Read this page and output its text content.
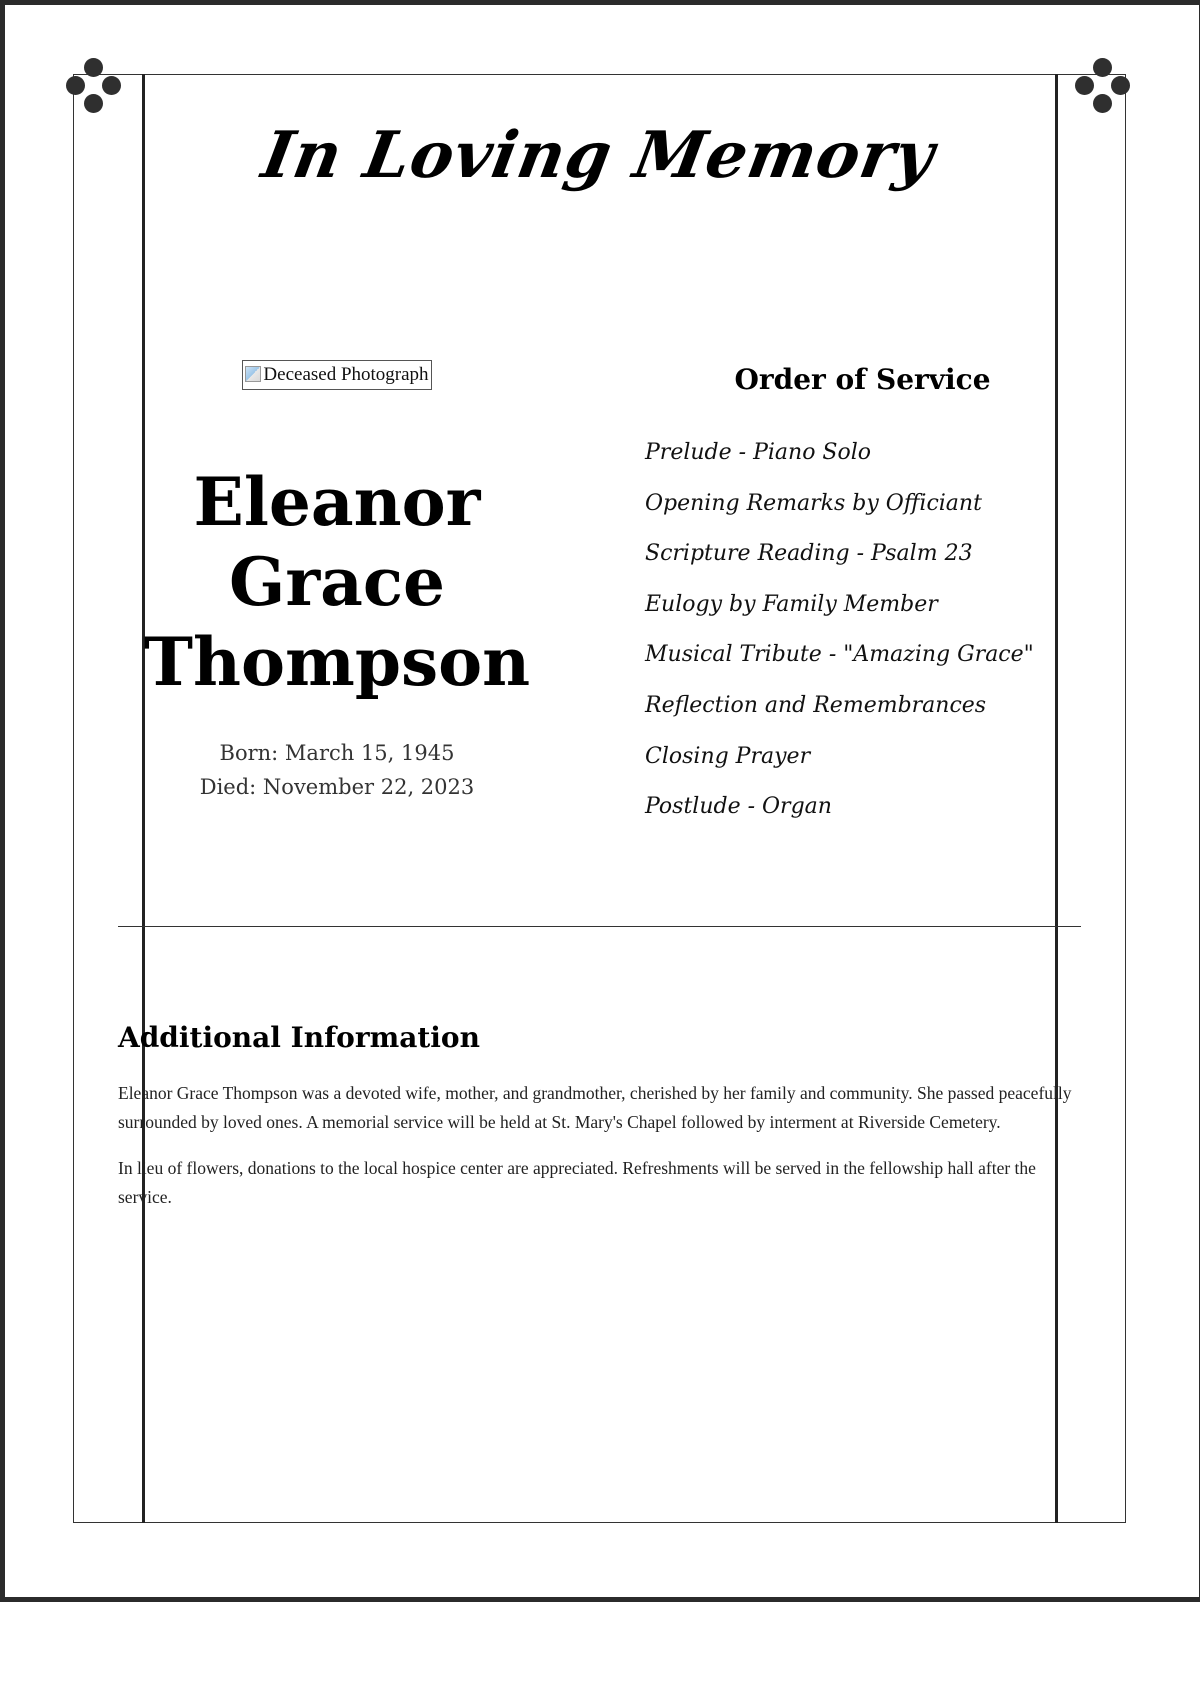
In Loving Memory
Deceased Photograph
Eleanor
Grace
Thompson
Born: March 15, 1945
Died: November 22, 2023
Order of Service
Prelude - Piano Solo
Opening Remarks by Officiant
Scripture Reading - Psalm 23
Eulogy by Family Member
Musical Tribute - "Amazing Grace"
Reflection and Remembrances
Closing Prayer
Postlude - Organ
Additional Information

Eleanor Grace Thompson was a devoted wife, mother, and grandmother, cherished by her family and community. She passed peacefully surrounded by loved ones. A memorial service will be held at St. Mary's Chapel followed by interment at Riverside Cemetery.

In lieu of flowers, donations to the local hospice center are appreciated. Refreshments will be served in the fellowship hall after the service.
